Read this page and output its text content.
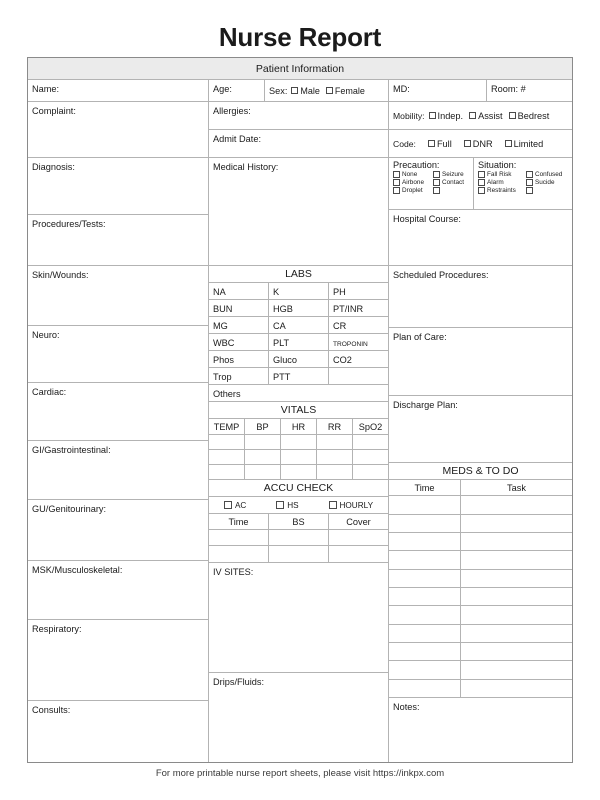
Nurse Report
Patient Information
Name:	Age:	Sex: Male Female	MD:	Room: #
Complaint:	Allergies:
Admit Date:
Mobility: Indep. Assist Bedrest
Code: Full DNR Limited
Diagnosis:
Procedures/Tests:
Skin/Wounds:
Neuro:
Cardiac:
GI/Gastrointestinal:
GU/Genitourinary:
MSK/Musculoskeletal:
Respiratory:
Consults:
Medical History:	Precaution:
None	Seizure
Airbone	Contact
Droplet
Situation:
Fall Risk	Confused
Alarm	Sucide
Restraints
Hospital Course:
LABS
NA	K	PH
BUN	HGB	PT/INR
MG	CA	CR
WBC	PLT	TROPONIN
Phos	Gluco	CO2
Trop	PTT
Others
VITALS
TEMP	BP	HR	RR	SpO2
ACCU CHECK
AC	HS	HOURLY
Time	BS	Cover
IV SITES:
Drips/Fluids:
Scheduled Procedures:
Plan of Care:
Discharge Plan:
MEDS & TO DO
Time	Task
Notes:
For more printable nurse report sheets, please visit https://inkpx.com
